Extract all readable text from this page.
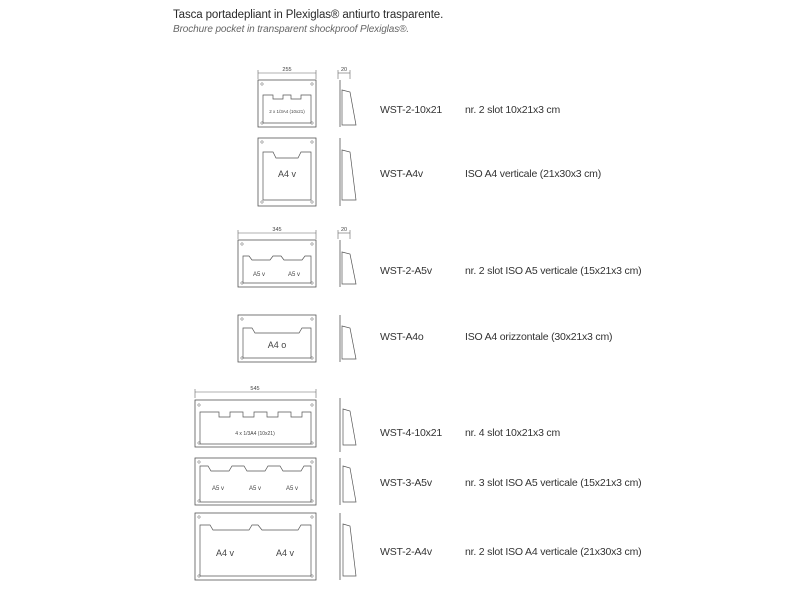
Tasca portadepliant in Plexiglas® antiurto trasparente.
Brochure pocket in transparent shockproof Plexiglas®.
255	20
2 x 1/3A4 (10x21)
A4 v
345	20
A5 v	A5 v
A4 o
545
4 x 1/3A4 (10x21)
A5 v	A5 v	A5 v
A4 v	A4 v
WST-2-10x21 nr. 2 slot 10x21x3 cm
WST-A4v	ISO A4 verticale (21x30x3 cm)
WST-2-A5v	nr. 2 slot ISO A5 verticale (15x21x3 cm)
WST-A4o	ISO A4 orizzontale (30x21x3 cm)
WST-4-10x21 nr. 4 slot 10x21x3 cm
WST-3-A5v	nr. 3 slot ISO A5 verticale (15x21x3 cm)
WST-2-A4v	nr. 2 slot ISO A4 verticale (21x30x3 cm)
